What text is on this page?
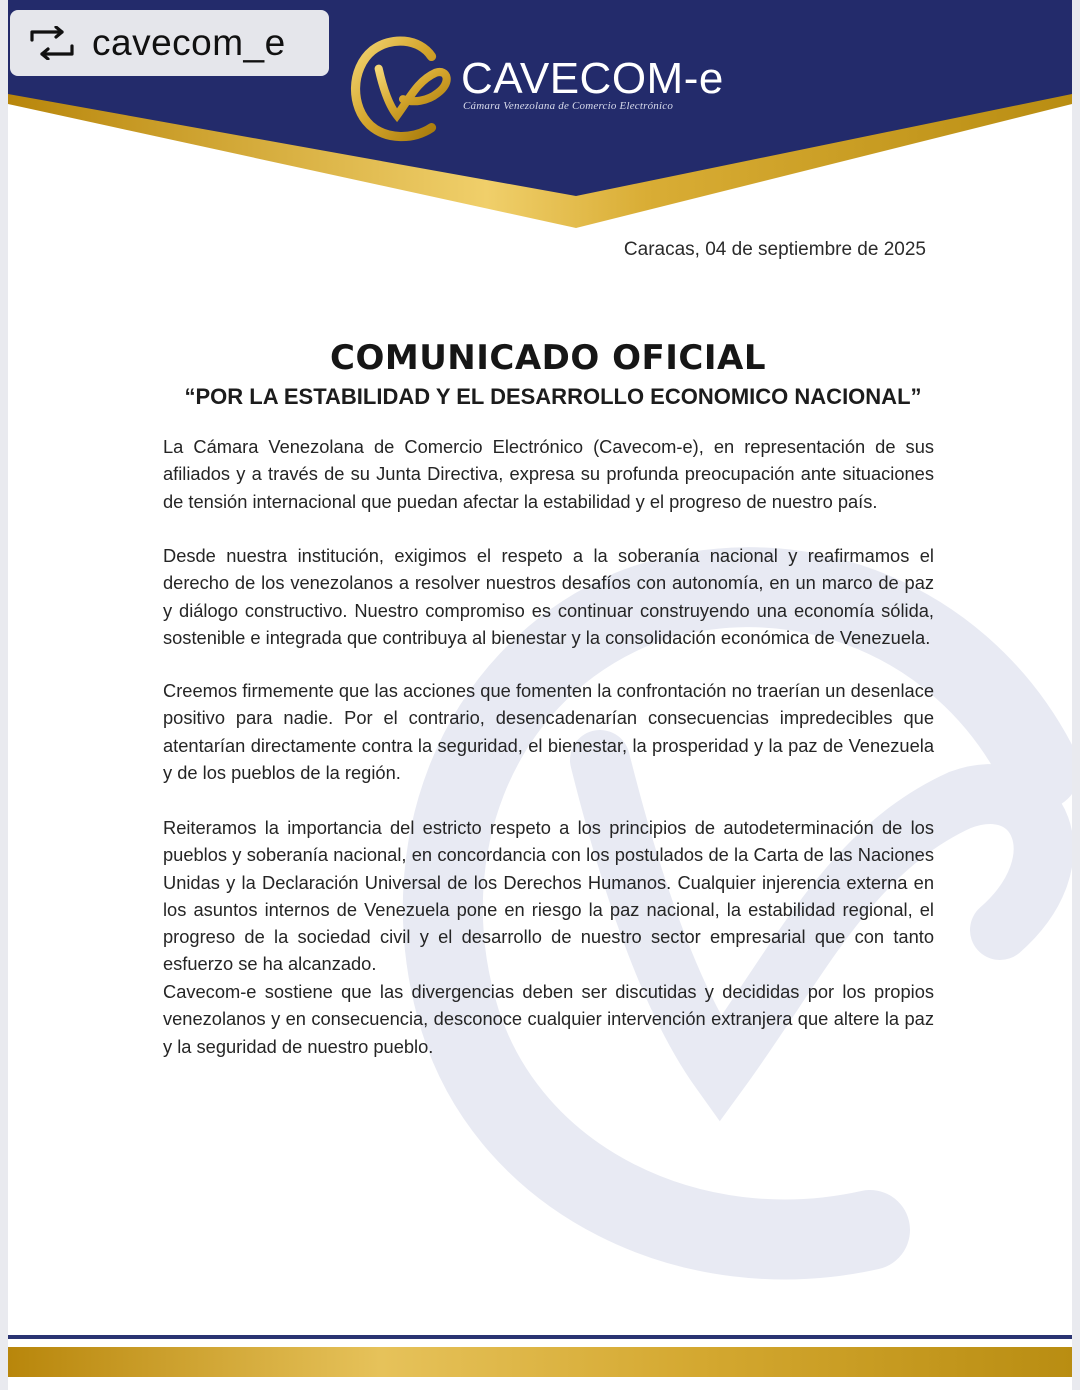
CAVECOM-e
Cámara Venezolana de Comercio Electrónico
Caracas, 04 de septiembre de 2025
COMUNICADO OFICIAL
“POR LA ESTABILIDAD Y EL DESARROLLO ECONOMICO NACIONAL”

La Cámara Venezolana de Comercio Electrónico (Cavecom-e), en representación de sus afiliados y a través de su Junta Directiva, expresa su profunda preocupación ante situaciones de tensión internacional que puedan afectar la estabilidad y el progreso de nuestro país.

Desde nuestra institución, exigimos el respeto a la soberanía nacional y reafirmamos el derecho de los venezolanos a resolver nuestros desafíos con autonomía, en un marco de paz y diálogo constructivo. Nuestro compromiso es continuar construyendo una economía sólida, sostenible e integrada que contribuya al bienestar y la consolidación económica de Venezuela.

Creemos firmemente que las acciones que fomenten la confrontación no traerían un desenlace positivo para nadie. Por el contrario, desencadenarían consecuencias impredecibles que atentarían directamente contra la seguridad, el bienestar, la prosperidad y la paz de Venezuela y de los pueblos de la región.

Reiteramos la importancia del estricto respeto a los principios de autodeterminación de los pueblos y soberanía nacional, en concordancia con los postulados de la Carta de las Naciones Unidas y la Declaración Universal de los Derechos Humanos. Cualquier injerencia externa en los asuntos internos de Venezuela pone en riesgo la paz nacional, la estabilidad regional, el progreso de la sociedad civil y el desarrollo de nuestro sector empresarial que con tanto esfuerzo se ha alcanzado.

Cavecom-e sostiene que las divergencias deben ser discutidas y decididas por los propios venezolanos y en consecuencia, desconoce cualquier intervención extranjera que altere la paz y la seguridad de nuestro pueblo.

cavecom_e
